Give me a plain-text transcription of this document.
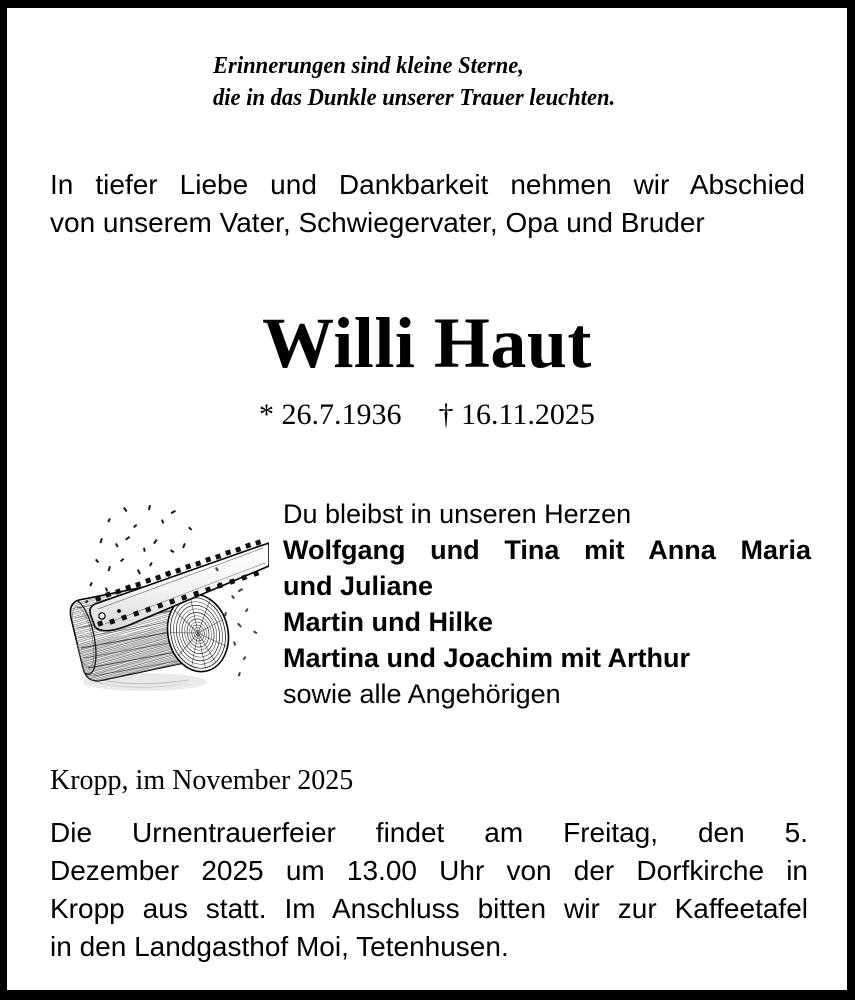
Erinnerungen sind kleine Sterne,
die in das Dunkle unserer Trauer leuchten.
In tiefer Liebe und Dankbarkeit nehmen wir Abschied
von unserem Vater, Schwiegervater, Opa und Bruder
Willi Haut
* 26.7.1936 † 16.11.2025
Du bleibst in unseren Herzen
Wolfgang und Tina mit Anna Maria
und Juliane
Martin und Hilke
Martina und Joachim mit Arthur
sowie alle Angehörigen
Kropp, im November 2025
Die Urnentrauerfeier findet am Freitag, den 5.
Dezember 2025 um 13.00 Uhr von der Dorfkirche in
Kropp aus statt. Im Anschluss bitten wir zur Kaffeetafel
in den Landgasthof Moi, Tetenhusen.
